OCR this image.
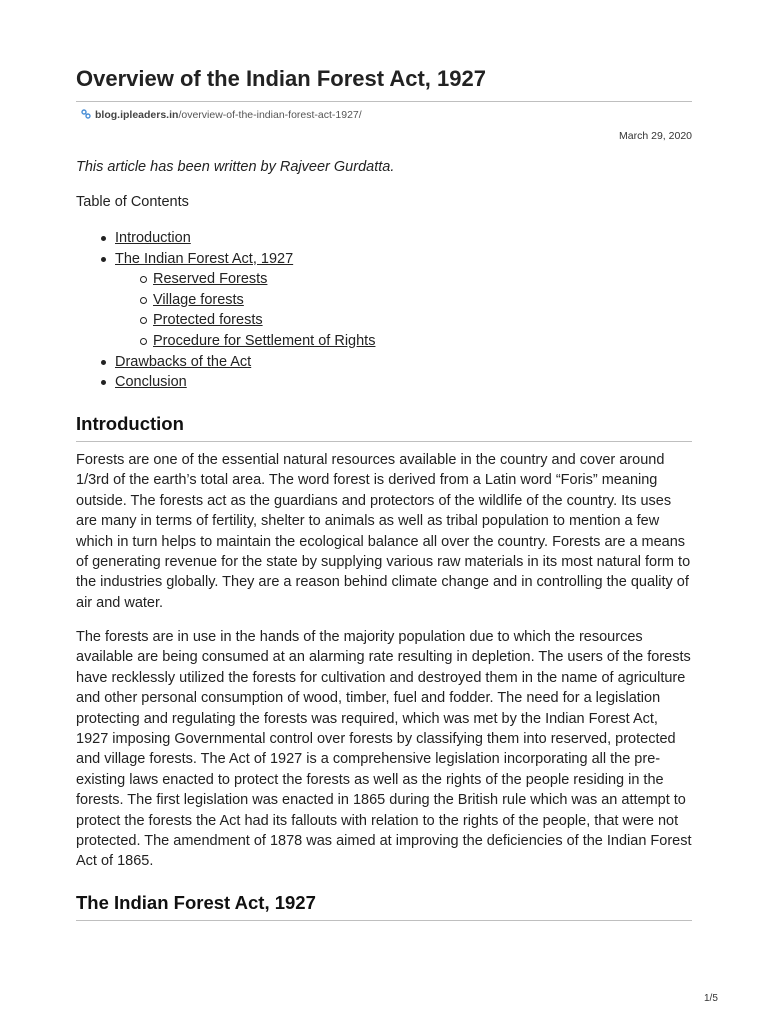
Overview of the Indian Forest Act, 1927
blog.ipleaders.in/overview-of-the-indian-forest-act-1927/
March 29, 2020

This article has been written by Rajveer Gurdatta.

Table of Contents

Introduction
The Indian Forest Act, 1927
Reserved Forests
Village forests
Protected forests
Procedure for Settlement of Rights
Drawbacks of the Act
Conclusion
Introduction

Forests are one of the essential natural resources available in the country and cover around 1/3rd of the earth’s total area. The word forest is derived from a Latin word “Foris” meaning outside. The forests act as the guardians and protectors of the wildlife of the country. Its uses are many in terms of fertility, shelter to animals as well as tribal population to mention a few which in turn helps to maintain the ecological balance all over the country. Forests are a means of generating revenue for the state by supplying various raw materials in its most natural form to the industries globally. They are a reason behind climate change and in controlling the quality of air and water.

The forests are in use in the hands of the majority population due to which the resources available are being consumed at an alarming rate resulting in depletion. The users of the forests have recklessly utilized the forests for cultivation and destroyed them in the name of agriculture and other personal consumption of wood, timber, fuel and fodder. The need for a legislation protecting and regulating the forests was required, which was met by the Indian Forest Act, 1927 imposing Governmental control over forests by classifying them into reserved, protected and village forests. The Act of 1927 is a comprehensive legislation incorporating all the pre-existing laws enacted to protect the forests as well as the rights of the people residing in the forests. The first legislation was enacted in 1865 during the British rule which was an attempt to protect the forests the Act had its fallouts with relation to the rights of the people, that were not protected. The amendment of 1878 was aimed at improving the deficiencies of the Indian Forest Act of 1865.

The Indian Forest Act, 1927
1/5
